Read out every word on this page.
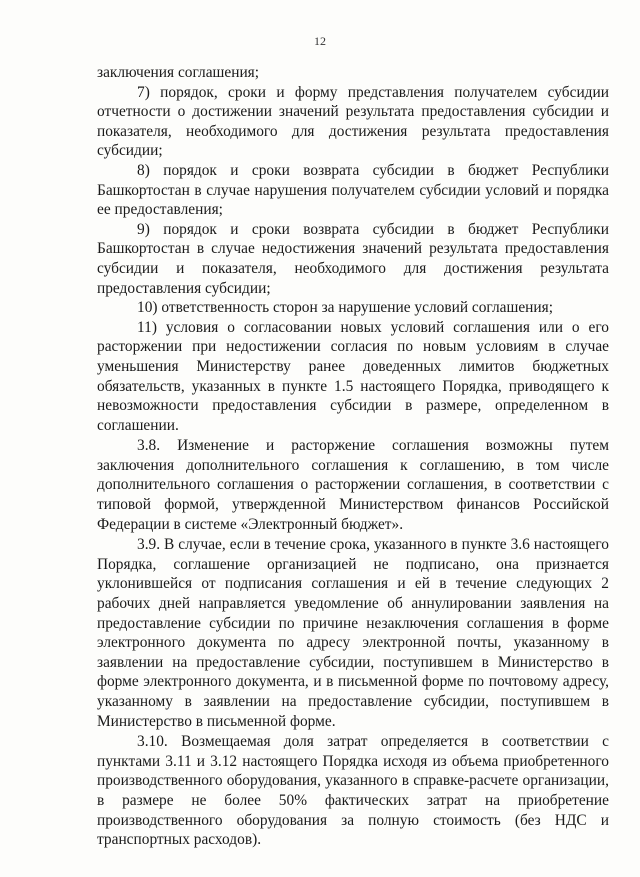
12

заключения соглашения;

7) порядок, сроки и форму представления получателем субсидии отчетности о достижении значений результата предоставления субсидии и показателя, необходимого для достижения результата предоставления субсидии;

8) порядок и сроки возврата субсидии в бюджет Республики Башкортостан в случае нарушения получателем субсидии условий и порядка ее предоставления;

9) порядок и сроки возврата субсидии в бюджет Республики Башкортостан в случае недостижения значений результата предоставления субсидии и показателя, необходимого для достижения результата предоставления субсидии;

10) ответственность сторон за нарушение условий соглашения;

11) условия о согласовании новых условий соглашения или о его расторжении при недостижении согласия по новым условиям в случае уменьшения Министерству ранее доведенных лимитов бюджетных обязательств, указанных в пункте 1.5 настоящего Порядка, приводящего к невозможности предоставления субсидии в размере, определенном в соглашении.

3.8. Изменение и расторжение соглашения возможны путем заключения дополнительного соглашения к соглашению, в том числе дополнительного соглашения о расторжении соглашения, в соответствии с типовой формой, утвержденной Министерством финансов Российской Федерации в системе «Электронный бюджет».

3.9. В случае, если в течение срока, указанного в пункте 3.6 настоящего Порядка, соглашение организацией не подписано, она признается уклонившейся от подписания соглашения и ей в течение следующих 2 рабочих дней направляется уведомление об аннулировании заявления на предоставление субсидии по причине незаключения соглашения в форме электронного документа по адресу электронной почты, указанному в заявлении на предоставление субсидии, поступившем в Министерство в форме электронного документа, и в письменной форме по почтовому адресу, указанному в заявлении на предоставление субсидии, поступившем в Министерство в письменной форме.

3.10. Возмещаемая доля затрат определяется в соответствии с пунктами 3.11 и 3.12 настоящего Порядка исходя из объема приобретенного производственного оборудования, указанного в справке-расчете организации, в размере не более 50% фактических затрат на приобретение производственного оборудования за полную стоимость (без НДС и транспортных расходов).
